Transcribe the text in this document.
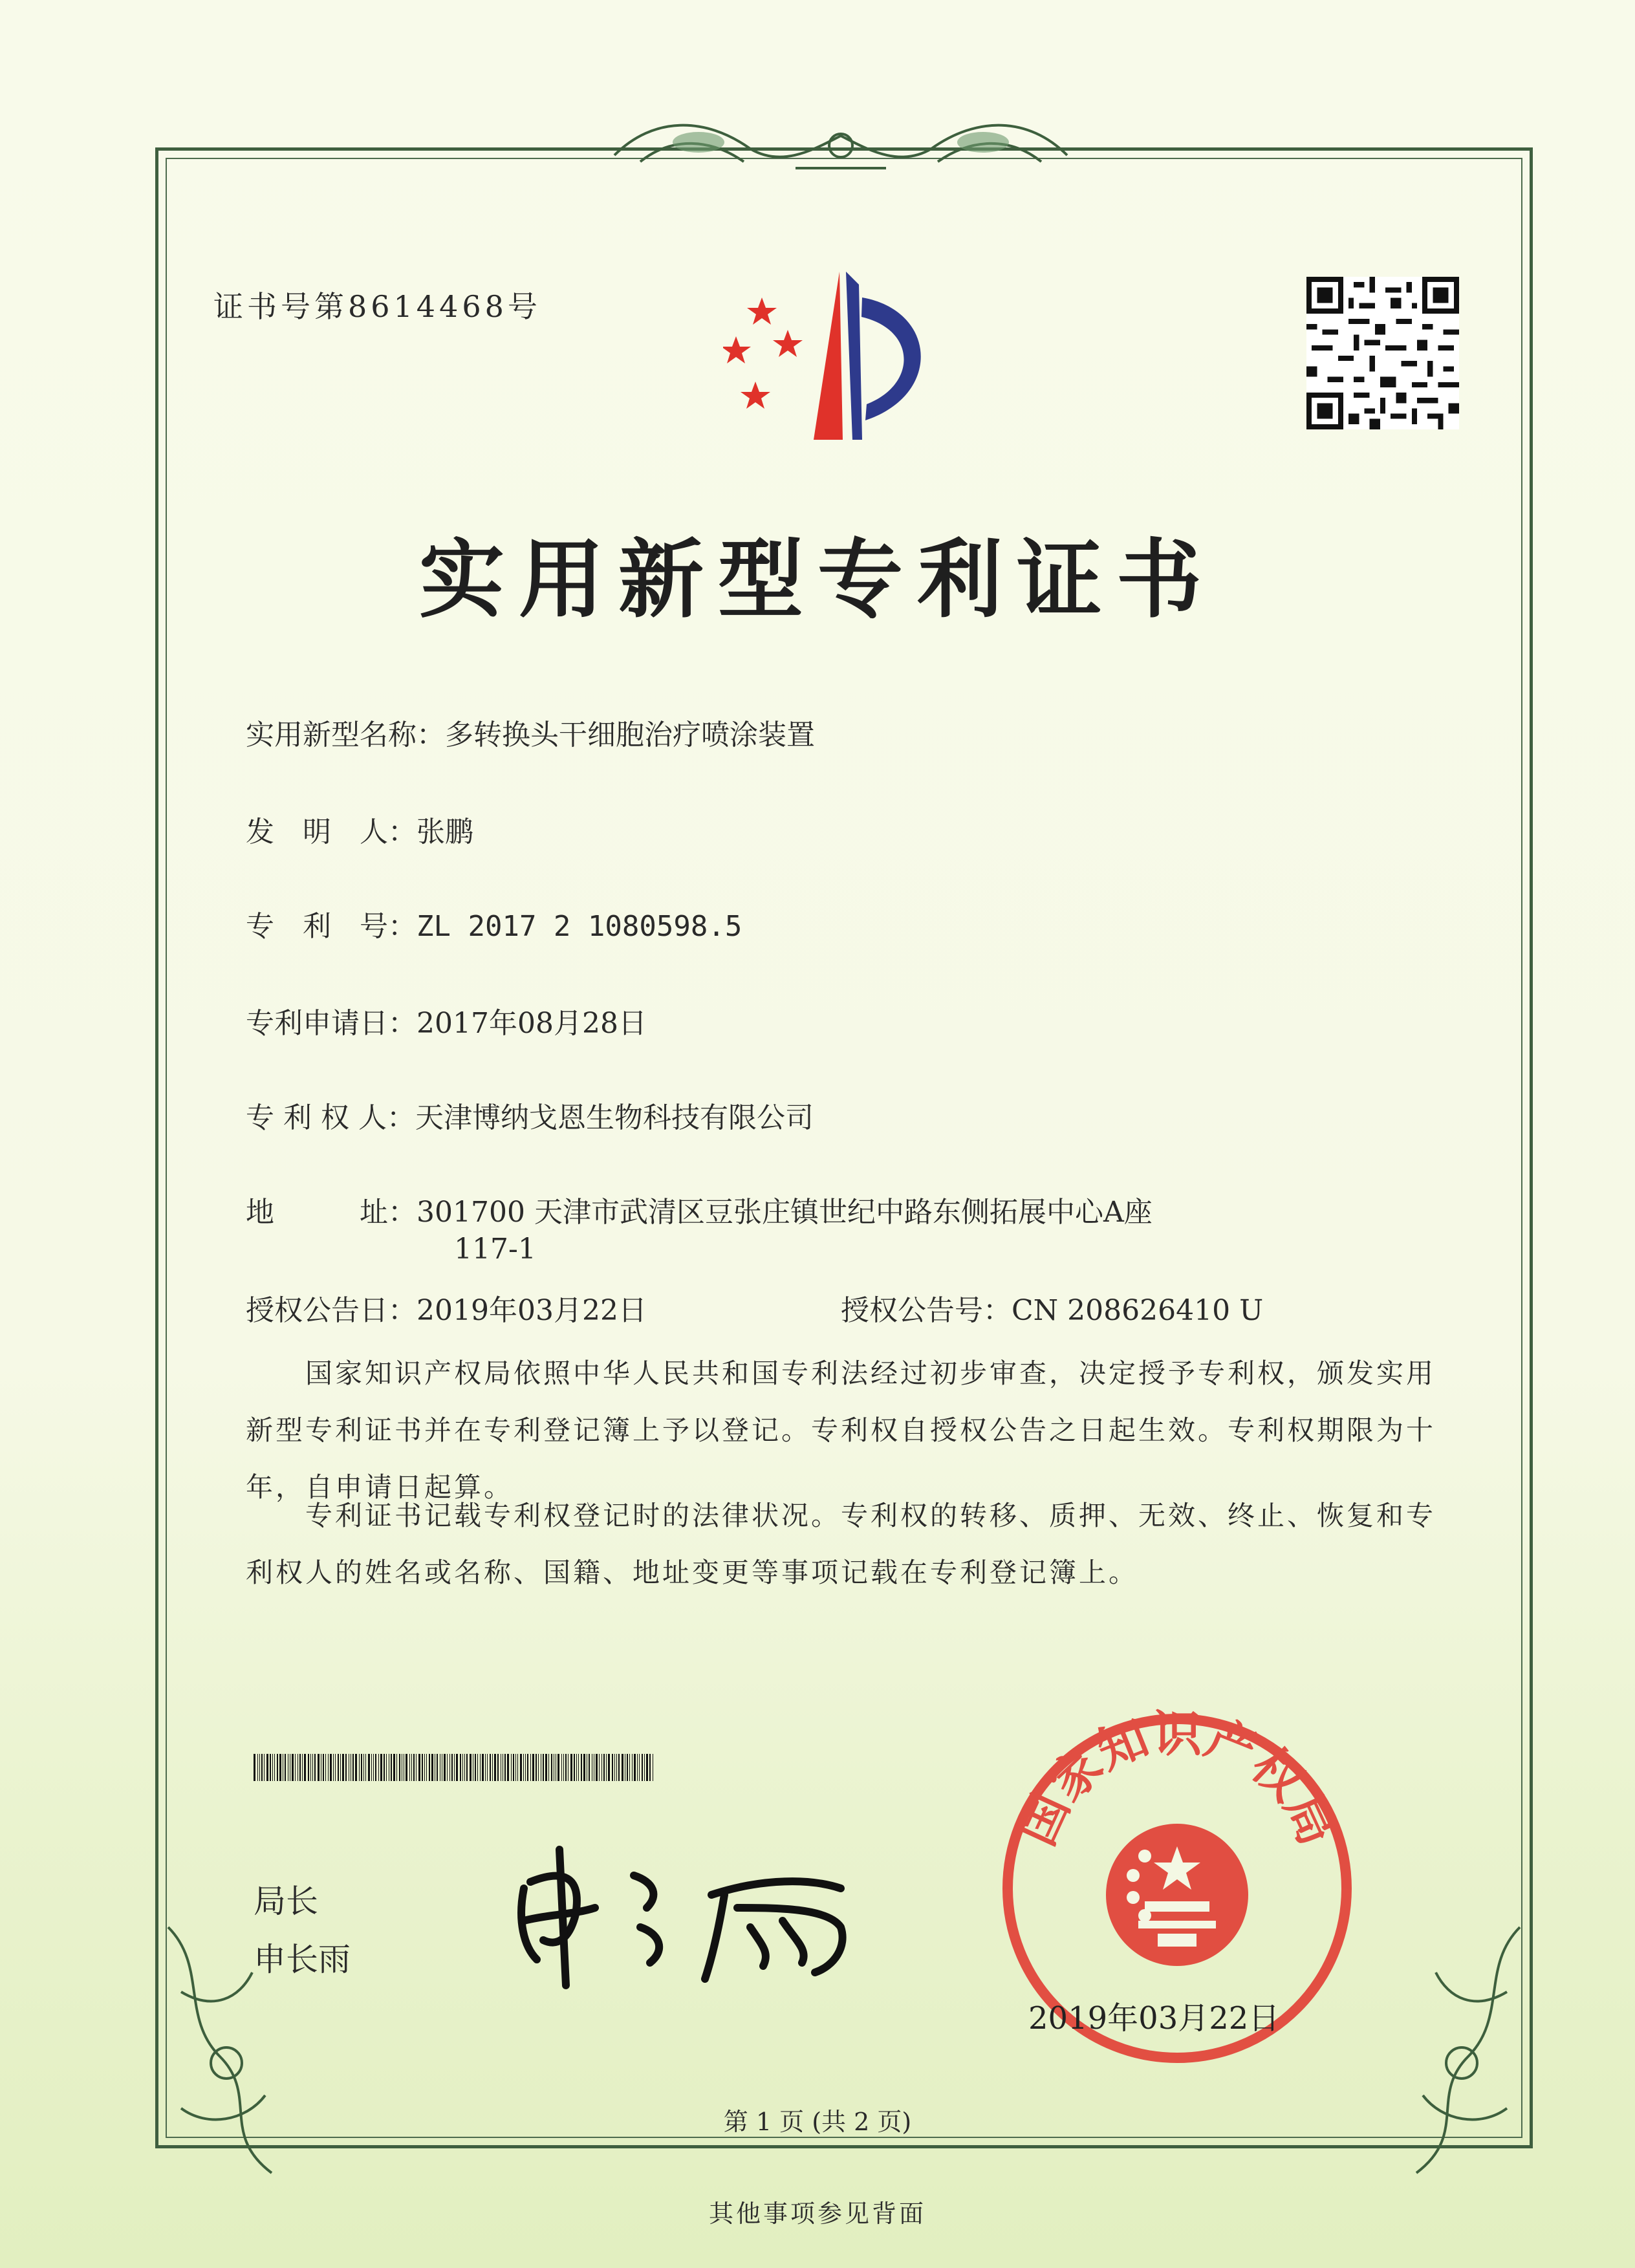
证书号第8614468号
实用新型专利证书
实用新型名称：多转换头干细胞治疗喷涂装置
发　明　人：张鹏
专　利　号：ZL 2017 2 1080598.5
专利申请日：2017年08月28日
专 利 权 人：天津博纳戈恩生物科技有限公司
地　　　址：301700 天津市武清区豆张庄镇世纪中路东侧拓展中心A座
117-1
授权公告日：2019年03月22日	授权公告号：CN 208626410 U
国家知识产权局依照中华人民共和国专利法经过初步审查，决定授予专利权，颁发实用新型专利证书并在专利登记簿上予以登记。专利权自授权公告之日起生效。专利权期限为十年，自申请日起算。
专利证书记载专利权登记时的法律状况。专利权的转移、质押、无效、终止、恢复和专利权人的姓名或名称、国籍、地址变更等事项记载在专利登记簿上。
局长
申长雨
国家知识产权局
2019年03月22日
第 1 页 (共 2 页)
其他事项参见背面
